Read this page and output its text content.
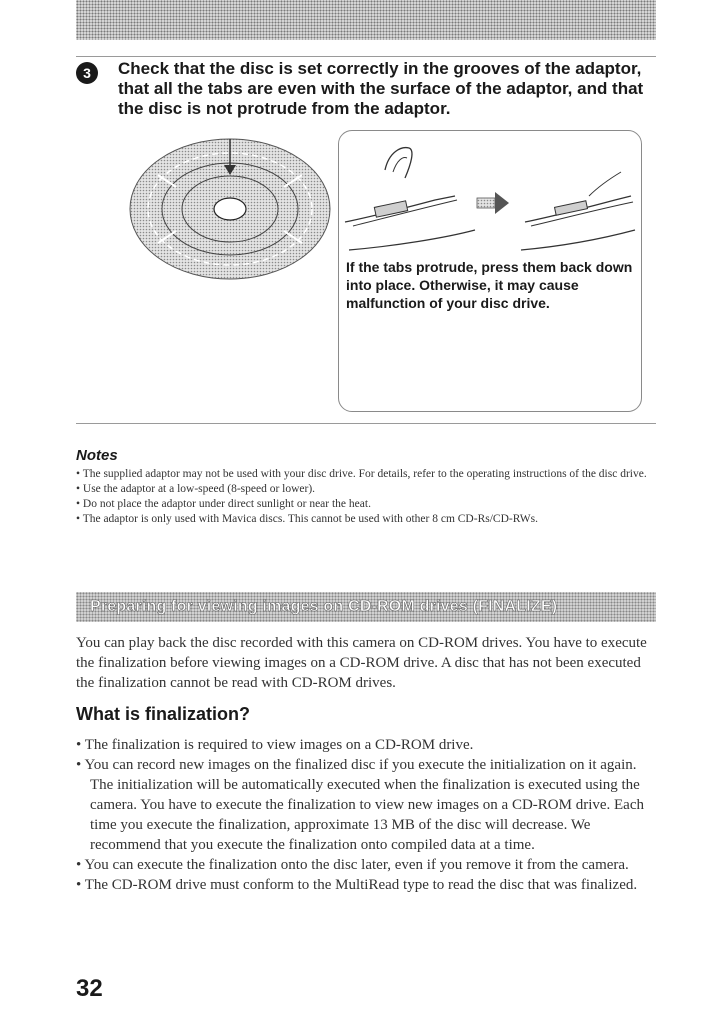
3	Check that the disc is set correctly in the grooves of the adaptor, that all the tabs are even with the surface of the adaptor, and that the disc is not protrude from the adaptor.
If the tabs protrude, press them back down into place. Otherwise, it may cause malfunction of your disc drive.
Notes
• The supplied adaptor may not be used with your disc drive. For details, refer to the operating instructions of the disc drive.
• Use the adaptor at a low-speed (8-speed or lower).
• Do not place the adaptor under direct sunlight or near the heat.
• The adaptor is only used with Mavica discs. This cannot be used with other 8 cm CD-Rs/CD-RWs.
Preparing for viewing images on CD-ROM drives (FINALIZE)

You can play back the disc recorded with this camera on CD-ROM drives. You have to execute the finalization before viewing images on a CD-ROM drive. A disc that has not been executed the finalization cannot be read with CD-ROM drives.

What is finalization?
• The finalization is required to view images on a CD-ROM drive.
• You can record new images on the finalized disc if you execute the initialization on it again. The initialization will be automatically executed when the finalization is executed using the camera. You have to execute the finalization to view new images on a CD-ROM drive. Each time you execute the finalization, approximate 13 MB of the disc will decrease. We recommend that you execute the finalization onto compiled data at a time.
• You can execute the finalization onto the disc later, even if you remove it from the camera.
• The CD-ROM drive must conform to the MultiRead type to read the disc that was finalized.
32
